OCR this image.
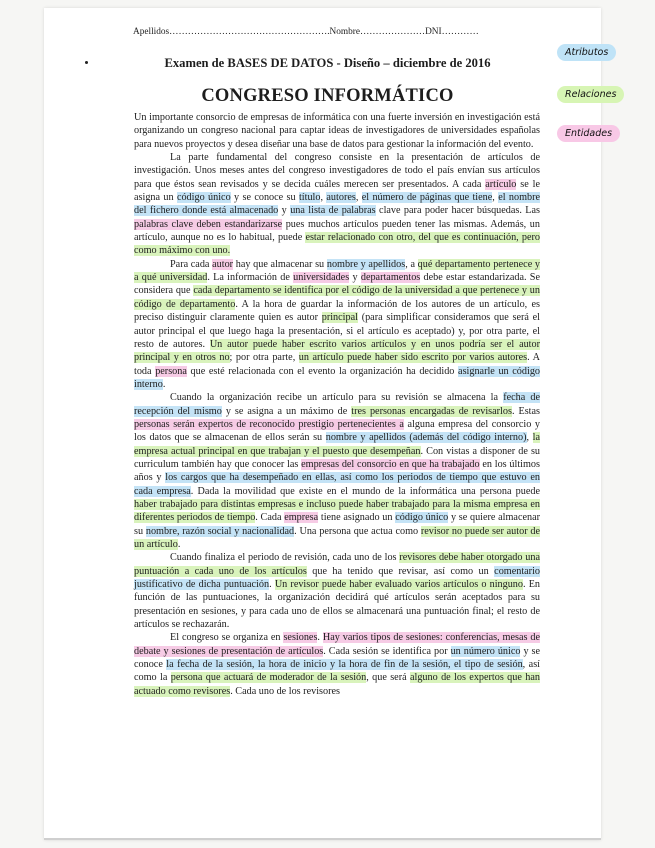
Apellidos…………………………………………….Nombre…………………DNI…………
Examen de BASES DE DATOS - Diseño – diciembre de 2016
CONGRESO INFORMÁTICO
Atributos
Relaciones
Entidades

Un importante consorcio de empresas de informática con una fuerte inversión en investigación está organizando un congreso nacional para captar ideas de investigadores de universidades españolas para nuevos proyectos y desea diseñar una base de datos para gestionar la información del evento.

La parte fundamental del congreso consiste en la presentación de artículos de investigación. Unos meses antes del congreso investigadores de todo el país envían sus artículos para que éstos sean revisados y se decida cuáles merecen ser presentados. A cada artículo se le asigna un código único y se conoce su título, autores, el número de páginas que tiene, el nombre del fichero donde está almacenado y una lista de palabras clave para poder hacer búsquedas. Las palabras clave deben estandarizarse pues muchos artículos pueden tener las mismas. Además, un artículo, aunque no es lo habitual, puede estar relacionado con otro, del que es continuación, pero como máximo con uno.

Para cada autor hay que almacenar su nombre y apellidos, a qué departamento pertenece y a qué universidad. La información de universidades y departamentos debe estar estandarizada. Se considera que cada departamento se identifica por el código de la universidad a que pertenece y un código de departamento. A la hora de guardar la información de los autores de un artículo, es preciso distinguir claramente quien es autor principal (para simplificar consideramos que será el autor principal el que luego haga la presentación, si el artículo es aceptado) y, por otra parte, el resto de autores. Un autor puede haber escrito varios artículos y en unos podría ser el autor principal y en otros no; por otra parte, un artículo puede haber sido escrito por varios autores. A toda persona que esté relacionada con el evento la organización ha decidido asignarle un código interno.

Cuando la organización recibe un artículo para su revisión se almacena la fecha de recepción del mismo y se asigna a un máximo de tres personas encargadas de revisarlos. Estas personas serán expertos de reconocido prestigio pertenecientes a alguna empresa del consorcio y los datos que se almacenan de ellos serán su nombre y apellidos (además del código interno), la empresa actual principal en que trabajan y el puesto que desempeñan. Con vistas a disponer de su curriculum también hay que conocer las empresas del consorcio en que ha trabajado en los últimos años y los cargos que ha desempeñado en ellas, así como los periodos de tiempo que estuvo en cada empresa. Dada la movilidad que existe en el mundo de la informática una persona puede haber trabajado para distintas empresas e incluso puede haber trabajado para la misma empresa en diferentes periodos de tiempo. Cada empresa tiene asignado un código único y se quiere almacenar su nombre, razón social y nacionalidad. Una persona que actua como revisor no puede ser autor de un artículo.

Cuando finaliza el periodo de revisión, cada uno de los revisores debe haber otorgado una puntuación a cada uno de los artículos que ha tenido que revisar, así como un comentario justificativo de dicha puntuación. Un revisor puede haber evaluado varios artículos o ninguno. En función de las puntuaciones, la organización decidirá qué artículos serán aceptados para su presentación en sesiones, y para cada uno de ellos se almacenará una puntuación final; el resto de artículos se rechazarán.

El congreso se organiza en sesiones. Hay varios tipos de sesiones: conferencias, mesas de debate y sesiones de presentación de artículos. Cada sesión se identifica por un número único y se conoce la fecha de la sesión, la hora de inicio y la hora de fin de la sesión, el tipo de sesión, así como la persona que actuará de moderador de la sesión, que será alguno de los expertos que han actuado como revisores. Cada uno de los revisores
